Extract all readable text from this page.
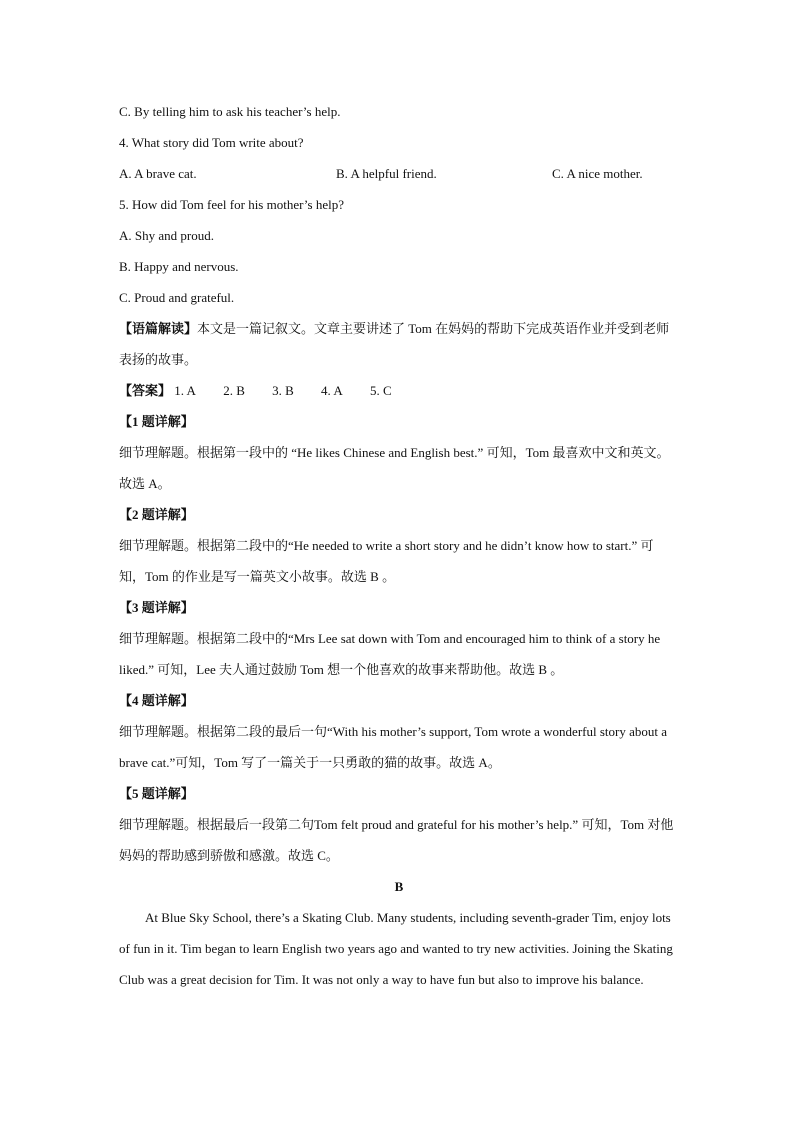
C. By telling him to ask his teacher’s help.
4. What story did Tom write about?
A. A brave cat.	B. A helpful friend.	C. A nice mother.
5. How did Tom feel for his mother’s help?
A. Shy and proud.
B. Happy and nervous.
C. Proud and grateful.

【语篇解读】本文是一篇记叙文。文章主要讲述了 Tom 在妈妈的帮助下完成英语作业并受到老师表扬的故事。

【答案】 1. A 2. B 3. B 4. A 5. C
【1 题详解】

细节理解题。根据第一段中的 “He likes Chinese and English best.” 可知，Tom 最喜欢中文和英文。故选 A。

【2 题详解】

细节理解题。根据第二段中的“He needed to write a short story and he didn’t know how to start.” 可知，Tom 的作业是写一篇英文小故事。故选 B 。

【3 题详解】

细节理解题。根据第二段中的“Mrs Lee sat down with Tom and encouraged him to think of a story he liked.” 可知，Lee 夫人通过鼓励 Tom 想一个他喜欢的故事来帮助他。故选 B 。

【4 题详解】

细节理解题。根据第二段的最后一句“With his mother’s support, Tom wrote a wonderful story about a brave cat.”可知，Tom 写了一篇关于一只勇敢的猫的故事。故选 A。

【5 题详解】

细节理解题。根据最后一段第二句Tom felt proud and grateful for his mother’s help.” 可知，Tom 对他妈妈的帮助感到骄傲和感激。故选 C。

B

At Blue Sky School, there’s a Skating Club. Many students, including seventh-grader Tim, enjoy lots of fun in it. Tim began to learn English two years ago and wanted to try new activities. Joining the Skating Club was a great decision for Tim. It was not only a way to have fun but also to improve his balance.
